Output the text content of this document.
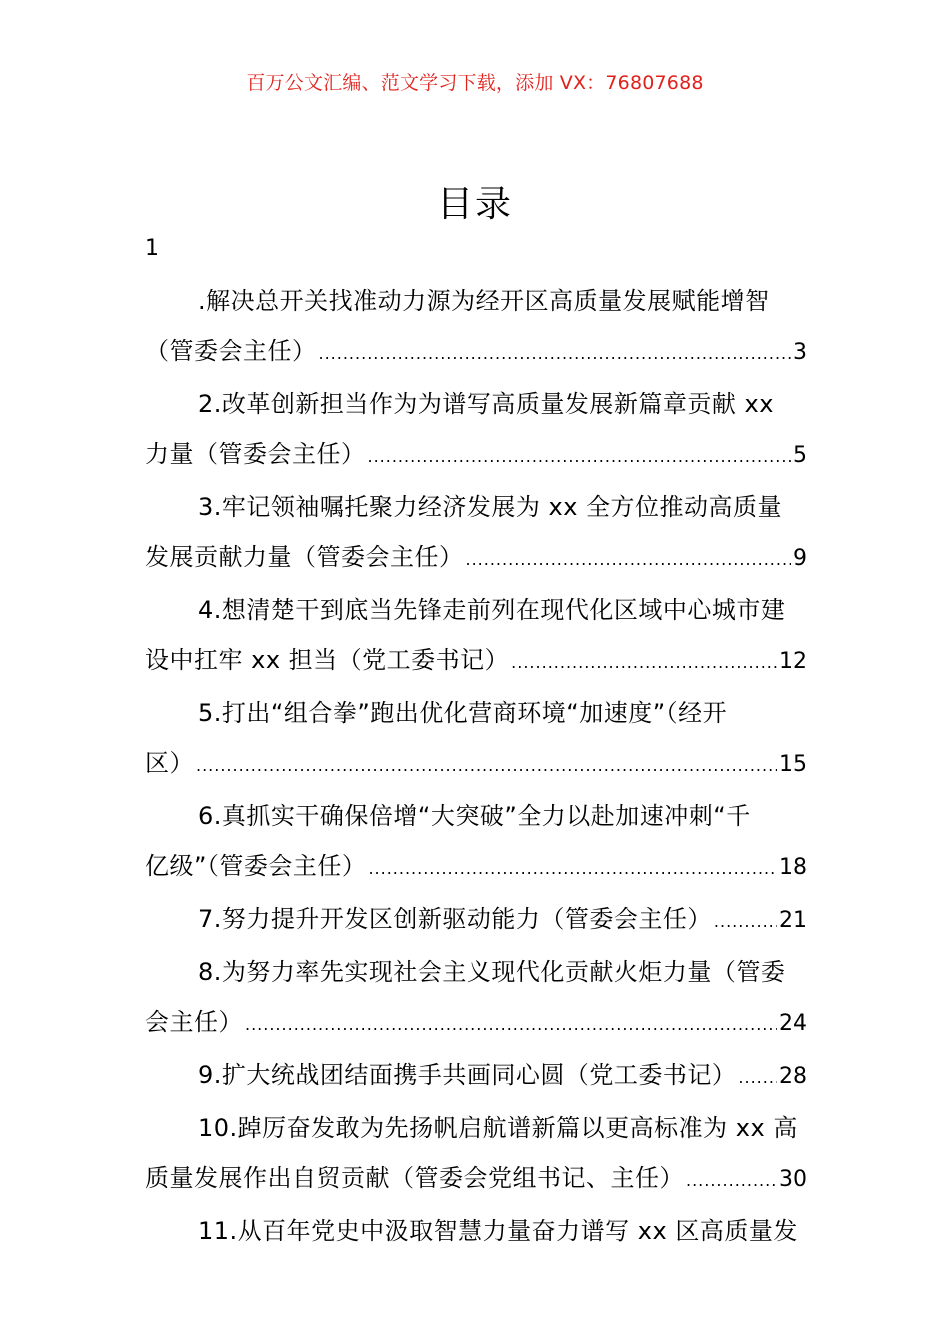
百万公文汇编、范文学习下载，添加 VX：76807688
目录
1
.解决总开关找准动力源为经开区高质量发展赋能增智
（管委会主任） .....	3
2.改革创新担当作为为谱写高质量发展新篇章贡献 xx
力量（管委会主任） .....	5
3.牢记领袖嘱托聚力经济发展为 xx 全方位推动高质量
发展贡献力量（管委会主任） .....	9
4.想清楚干到底当先锋走前列在现代化区域中心城市建
设中扛牢 xx 担当（党工委书记） .....	12
5.打出“组合拳”跑出优化营商环境“加速度”（经开
区） .....	15
6.真抓实干确保倍增“大突破”全力以赴加速冲刺“千
亿级”（管委会主任） .....	18
7.努力提升开发区创新驱动能力（管委会主任） .....	21
8.为努力率先实现社会主义现代化贡献火炬力量（管委
会主任） .....	24
9.扩大统战团结面携手共画同心圆（党工委书记） ..... 28
10.踔厉奋发敢为先扬帆启航谱新篇以更高标准为 xx 高
质量发展作出自贸贡献（管委会党组书记、主任） .....	30
11.从百年党史中汲取智慧力量奋力谱写 xx 区高质量发
